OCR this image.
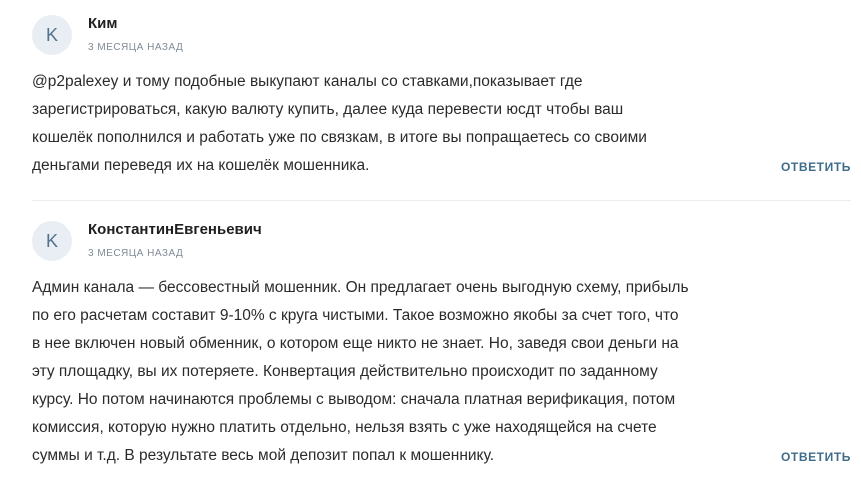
K
Ким
3 МЕСЯЦА НАЗАД
@p2palexey и тому подобные выкупают каналы со ставками,показывает где
зарегистрироваться, какую валюту купить, далее куда перевести юсдт чтобы ваш
кошелёк пополнился и работать уже по связкам, в итоге вы попращаетесь со своими
деньгами переведя их на кошелёк мошенника.	ОТВЕТИТЬ
K
КонстантинЕвгеньевич
3 МЕСЯЦА НАЗАД
Админ канала — бессовестный мошенник. Он предлагает очень выгодную схему, прибыль
по его расчетам составит 9-10% с круга чистыми. Такое возможно якобы за счет того, что
в нее включен новый обменник, о котором еще никто не знает. Но, заведя свои деньги на
эту площадку, вы их потеряете. Конвертация действительно происходит по заданному
курсу. Но потом начинаются проблемы с выводом: сначала платная верификация, потом
комиссия, которую нужно платить отдельно, нельзя взять с уже находящейся на счете
суммы и т.д. В результате весь мой депозит попал к мошеннику.	ОТВЕТИТЬ
